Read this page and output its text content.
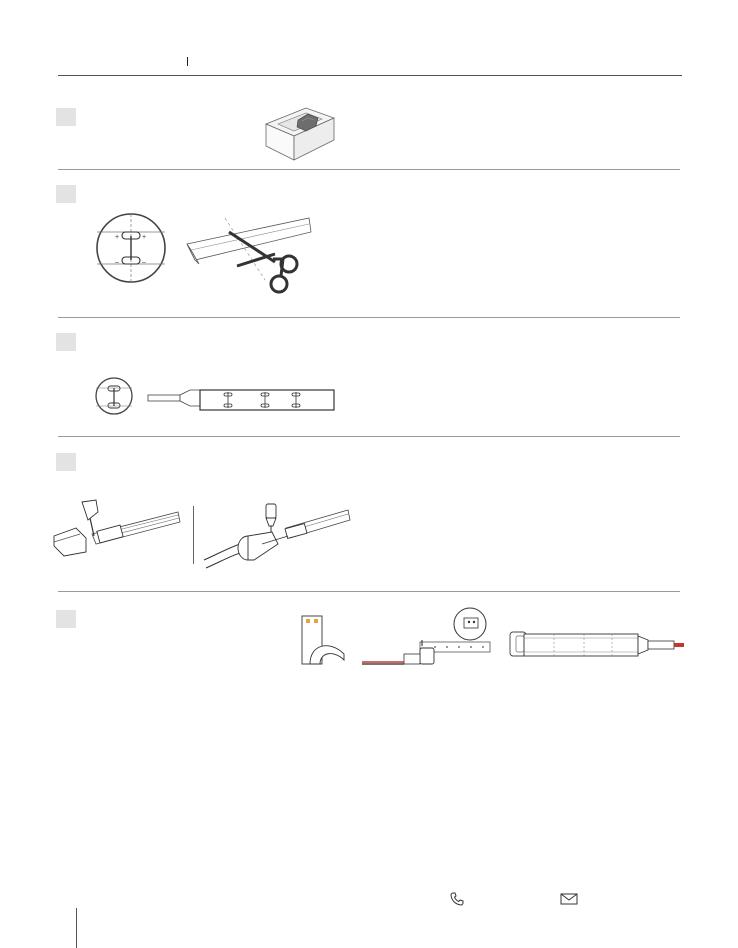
+	+
–	–
